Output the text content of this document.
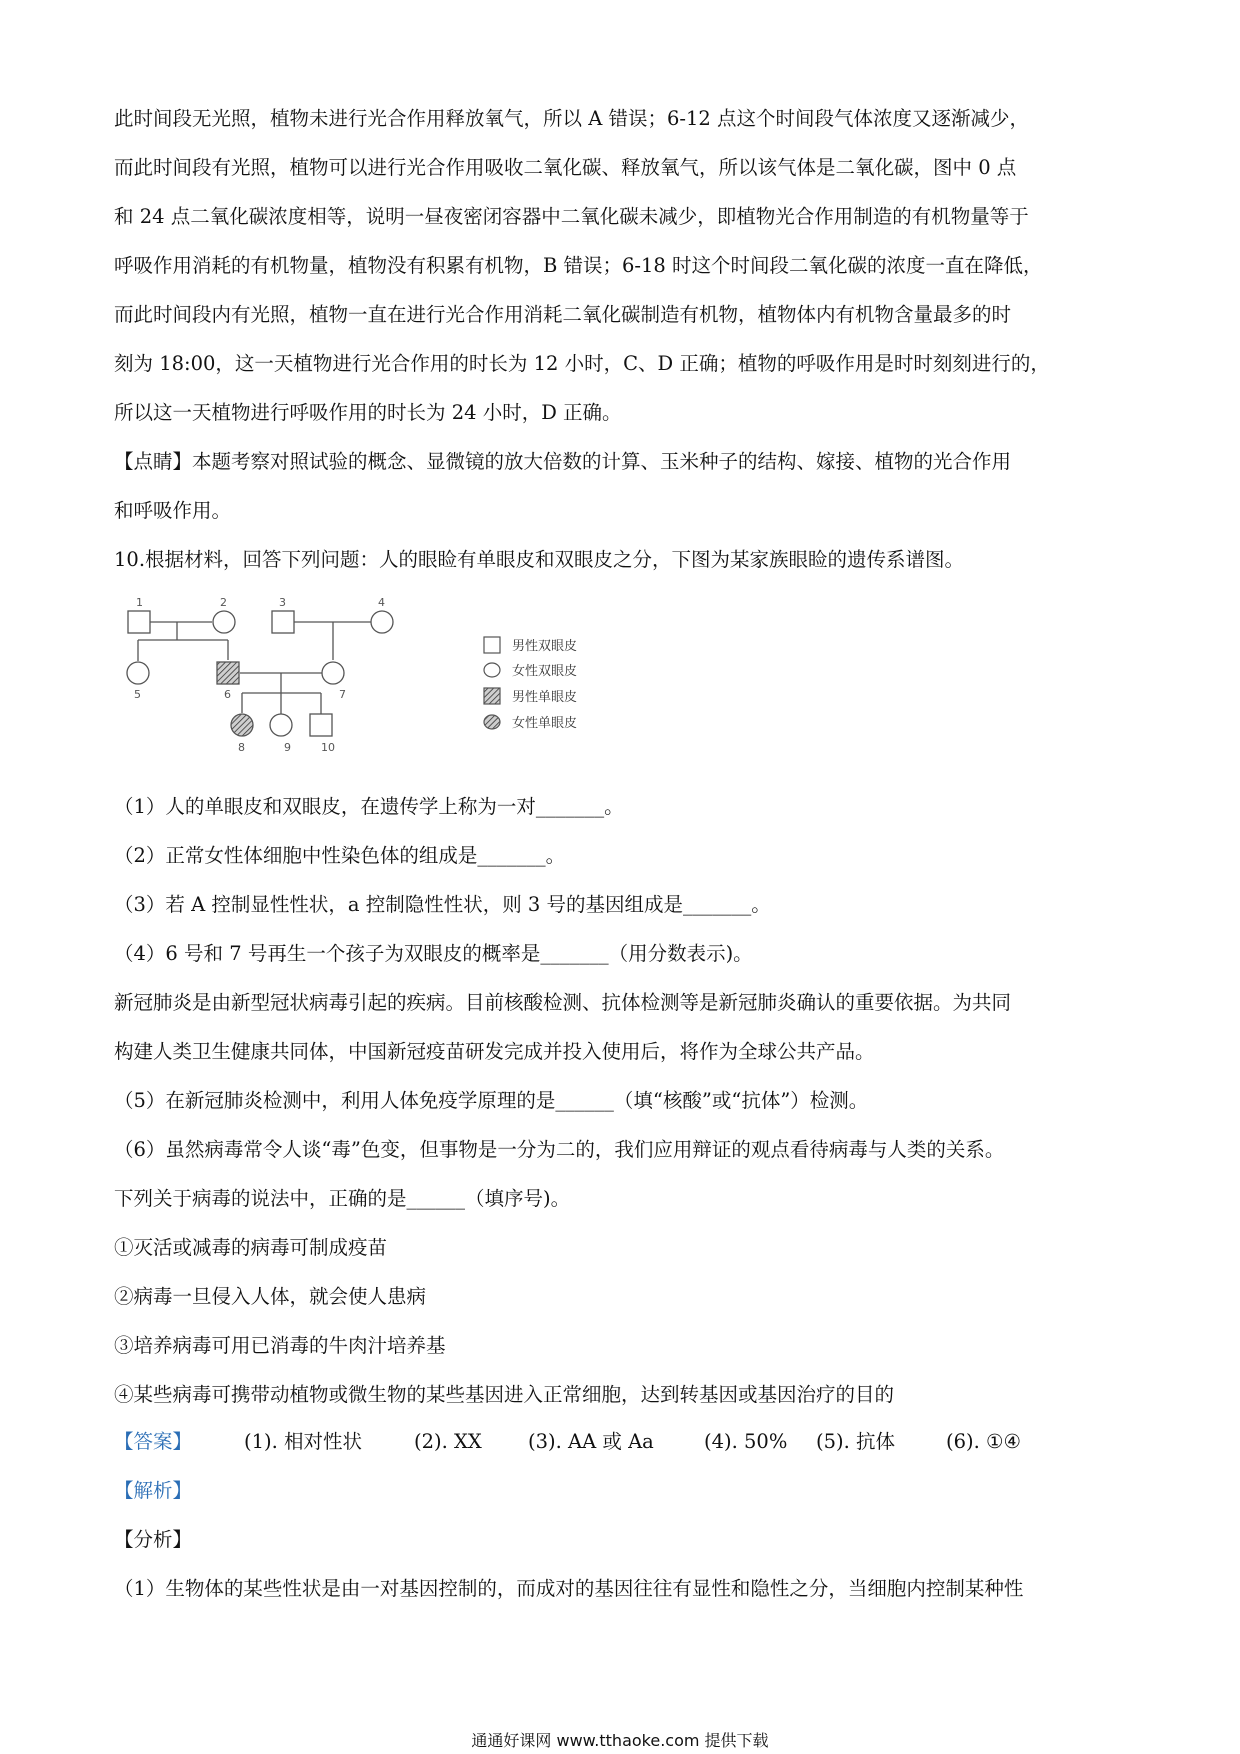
此时间段无光照，植物未进行光合作用释放氧气，所以 A 错误；6-12 点这个时间段气体浓度又逐渐减少，
而此时间段有光照，植物可以进行光合作用吸收二氧化碳、释放氧气，所以该气体是二氧化碳，图中 0 点
和 24 点二氧化碳浓度相等，说明一昼夜密闭容器中二氧化碳未减少，即植物光合作用制造的有机物量等于
呼吸作用消耗的有机物量，植物没有积累有机物，B 错误；6-18 时这个时间段二氧化碳的浓度一直在降低，
而此时间段内有光照，植物一直在进行光合作用消耗二氧化碳制造有机物，植物体内有机物含量最多的时
刻为 18:00，这一天植物进行光合作用的时长为 12 小时，C、D 正确；植物的呼吸作用是时时刻刻进行的，
所以这一天植物进行呼吸作用的时长为 24 小时，D 正确。
【点睛】本题考察对照试验的概念、显微镜的放大倍数的计算、玉米种子的结构、嫁接、植物的光合作用
和呼吸作用。
10.根据材料，回答下列问题：人的眼睑有单眼皮和双眼皮之分，下图为某家族眼睑的遗传系谱图。
1	2	3	4
5	6	7
8	9	10
男性双眼皮
女性双眼皮
男性单眼皮
女性单眼皮
（1）人的单眼皮和双眼皮，在遗传学上称为一对_______。
（2）正常女性体细胞中性染色体的组成是_______。
（3）若 A 控制显性性状，a 控制隐性性状，则 3 号的基因组成是_______。
（4）6 号和 7 号再生一个孩子为双眼皮的概率是_______（用分数表示)。
新冠肺炎是由新型冠状病毒引起的疾病。目前核酸检测、抗体检测等是新冠肺炎确认的重要依据。为共同
构建人类卫生健康共同体，中国新冠疫苗研发完成并投入使用后，将作为全球公共产品。
（5）在新冠肺炎检测中，利用人体免疫学原理的是______（填“核酸”或“抗体”）检测。
（6）虽然病毒常令人谈“毒”色变，但事物是一分为二的，我们应用辩证的观点看待病毒与人类的关系。
下列关于病毒的说法中，正确的是______（填序号)。
①灭活或减毒的病毒可制成疫苗
②病毒一旦侵入人体，就会使人患病
③培养病毒可用已消毒的牛肉汁培养基
④某些病毒可携带动植物或微生物的某些基因进入正常细胞，达到转基因或基因治疗的目的
【答案】	(1). 相对性状	(2). XX (3). AA 或 Aa	(4). 50% (5). 抗体	(6). ①④
【解析】
【分析】
（1）生物体的某些性状是由一对基因控制的，而成对的基因往往有显性和隐性之分，当细胞内控制某种性
通通好课网 www.tthaoke.com 提供下载
